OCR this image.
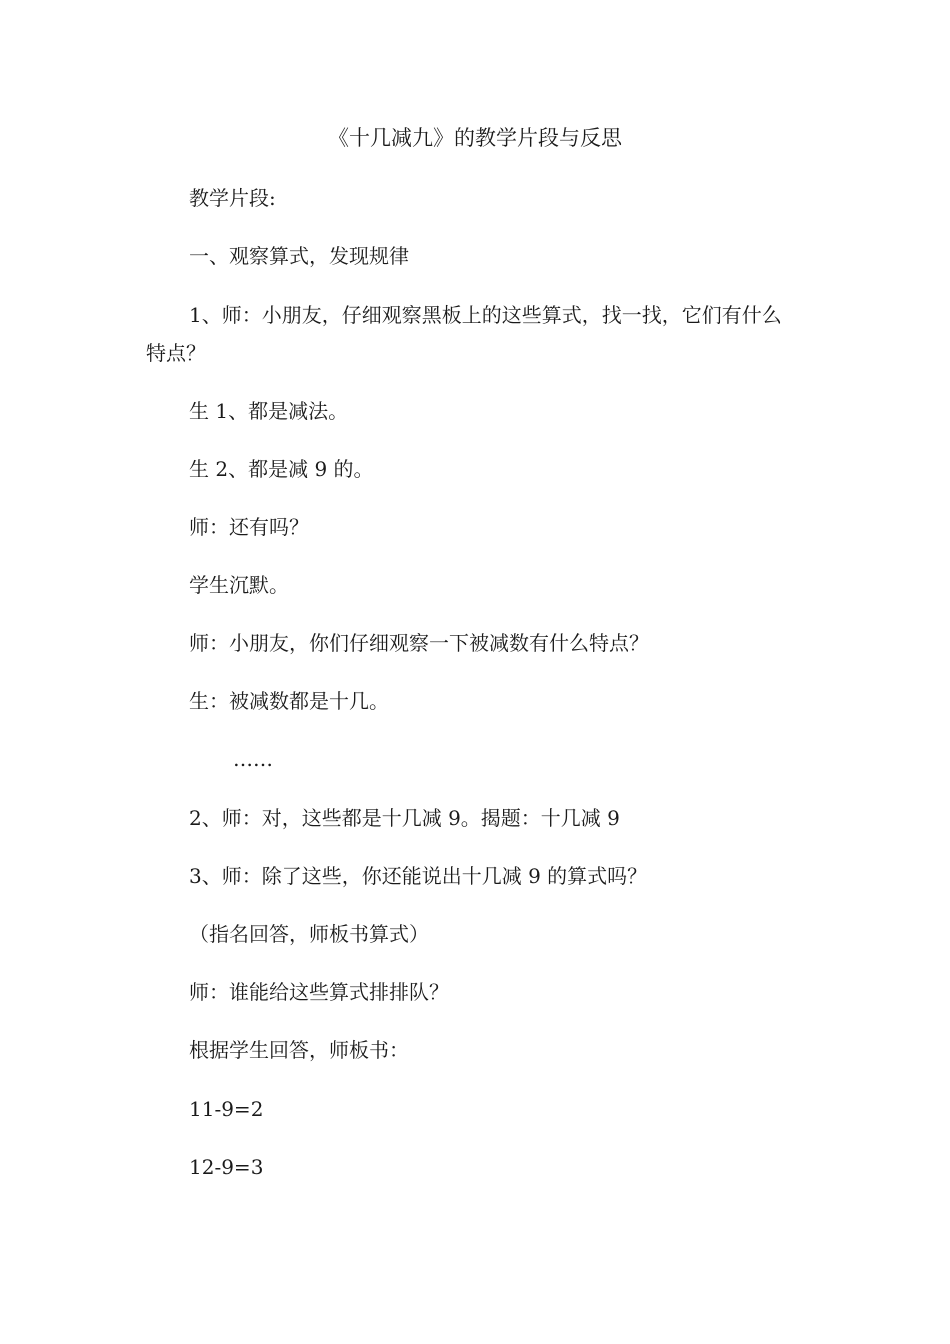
《十几减九》的教学片段与反思

教学片段:

一、观察算式，发现规律

1、师：小朋友，仔细观察黑板上的这些算式，找一找，它们有什么

特点？

生 1、都是减法。

生 2、都是减 9 的。

师：还有吗？

学生沉默。

师：小朋友，你们仔细观察一下被减数有什么特点？

生：被减数都是十几。

……

2、师：对，这些都是十几减 9。揭题：十几减 9

3、师：除了这些，你还能说出十几减 9 的算式吗？

（指名回答，师板书算式）

师：谁能给这些算式排排队？

根据学生回答，师板书：

11-9=2

12-9=3
